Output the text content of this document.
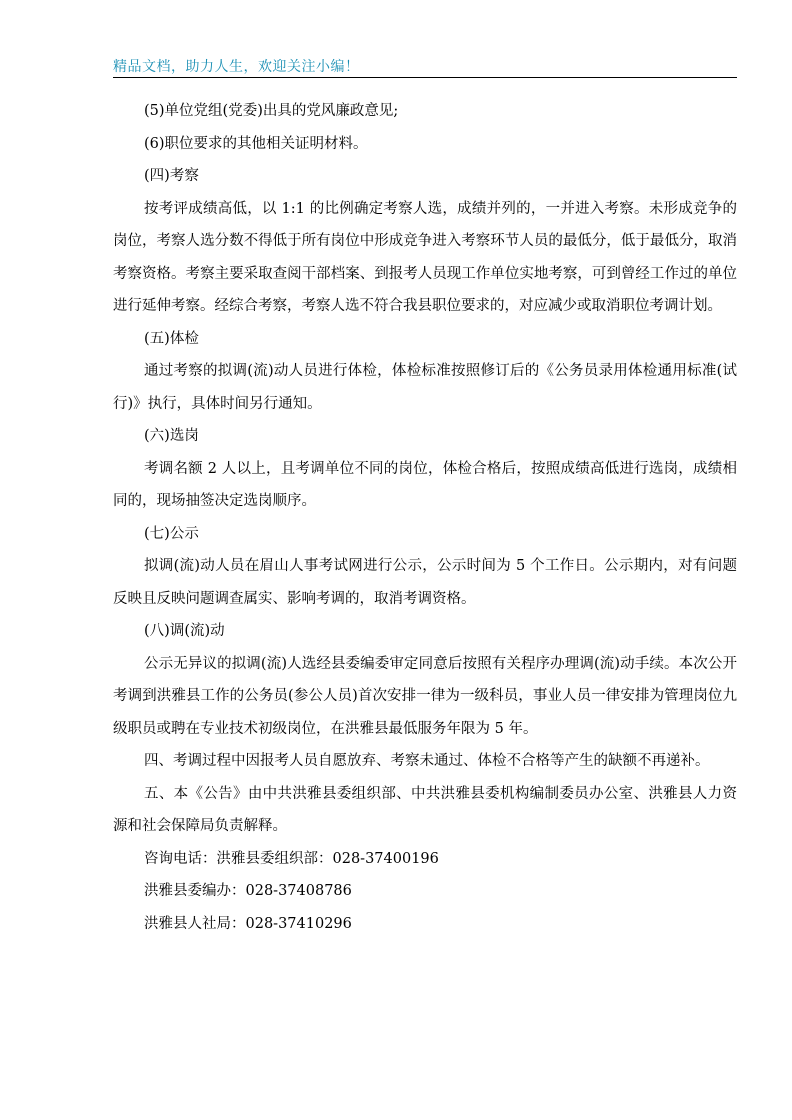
精品文档，助力人生，欢迎关注小编！

(5)单位党组(党委)出具的党风廉政意见;

(6)职位要求的其他相关证明材料。

(四)考察

按考评成绩高低，以 1:1 的比例确定考察人选，成绩并列的，一并进入考察。未形成竞争的岗位，考察人选分数不得低于所有岗位中形成竞争进入考察环节人员的最低分，低于最低分，取消考察资格。考察主要采取查阅干部档案、到报考人员现工作单位实地考察，可到曾经工作过的单位进行延伸考察。经综合考察，考察人选不符合我县职位要求的，对应减少或取消职位考调计划。

(五)体检

通过考察的拟调(流)动人员进行体检，体检标准按照修订后的《公务员录用体检通用标准(试行)》执行，具体时间另行通知。

(六)选岗

考调名额 2 人以上，且考调单位不同的岗位，体检合格后，按照成绩高低进行选岗，成绩相同的，现场抽签决定选岗顺序。

(七)公示

拟调(流)动人员在眉山人事考试网进行公示，公示时间为 5 个工作日。公示期内，对有问题反映且反映问题调查属实、影响考调的，取消考调资格。

(八)调(流)动

公示无异议的拟调(流)人选经县委编委审定同意后按照有关程序办理调(流)动手续。本次公开考调到洪雅县工作的公务员(参公人员)首次安排一律为一级科员，事业人员一律安排为管理岗位九级职员或聘在专业技术初级岗位，在洪雅县最低服务年限为 5 年。

四、考调过程中因报考人员自愿放弃、考察未通过、体检不合格等产生的缺额不再递补。

五、本《公告》由中共洪雅县委组织部、中共洪雅县委机构编制委员办公室、洪雅县人力资源和社会保障局负责解释。

咨询电话：洪雅县委组织部：028-37400196

洪雅县委编办：028-37408786

洪雅县人社局：028-37410296
